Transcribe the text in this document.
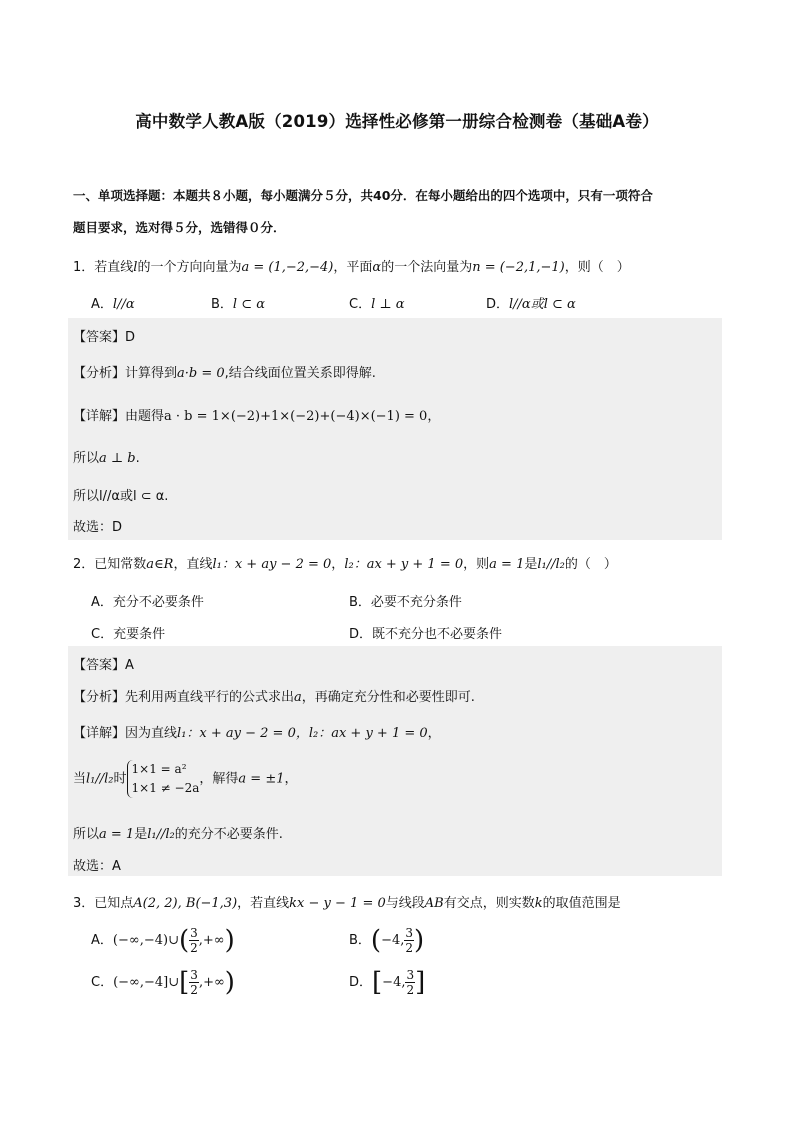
高中数学人教A版（2019）选择性必修第一册综合检测卷（基础A卷）
一、单项选择题：本题共８小题，每小题满分５分，共40分．在每小题给出的四个选项中，只有一项符合
题目要求，选对得５分，选错得０分．
1．若直线l的一个方向向量为a = (1,−2,−4)，平面α的一个法向量为n = (−2,1,−1)，则（　）
A．l//α	B．l ⊂ α	C．l ⊥ α	D．l//α或l ⊂ α
【答案】D
【分析】计算得到a·b = 0,结合线面位置关系即得解.
【详解】由题得a · b = 1×(−2)+1×(−2)+(−4)×(−1) = 0，
所以a ⊥ b.
所以l//α或l ⊂ α.
故选：D
2．已知常数a∈R，直线l₁：x + ay − 2 = 0，l₂：ax + y + 1 = 0，则a = 1是l₁//l₂的（　）
A．充分不必要条件	B．必要不充分条件
C．充要条件	D．既不充分也不必要条件
【答案】A
【分析】先利用两直线平行的公式求出a，再确定充分性和必要性即可.
【详解】因为直线l₁：x + ay − 2 = 0，l₂：ax + y + 1 = 0，
当l₁//l₂时
1×1 = a²
1×1 ≠ −2a
，解得a = ±1，
所以a = 1是l₁//l₂的充分不必要条件.
故选：A
3．已知点A(2, 2), B(−1,3)，若直线kx − y − 1 = 0与线段AB有交点，则实数k的取值范围是
A．(−∞,−4)∪( $\frac{3}{2}$ ,+∞)	B．(−4, $\frac{3}{2}$ )
C．(−∞,−4]∪[ $\frac{3}{2}$ ,+∞)	D．[−4, $\frac{3}{2}$ ]
